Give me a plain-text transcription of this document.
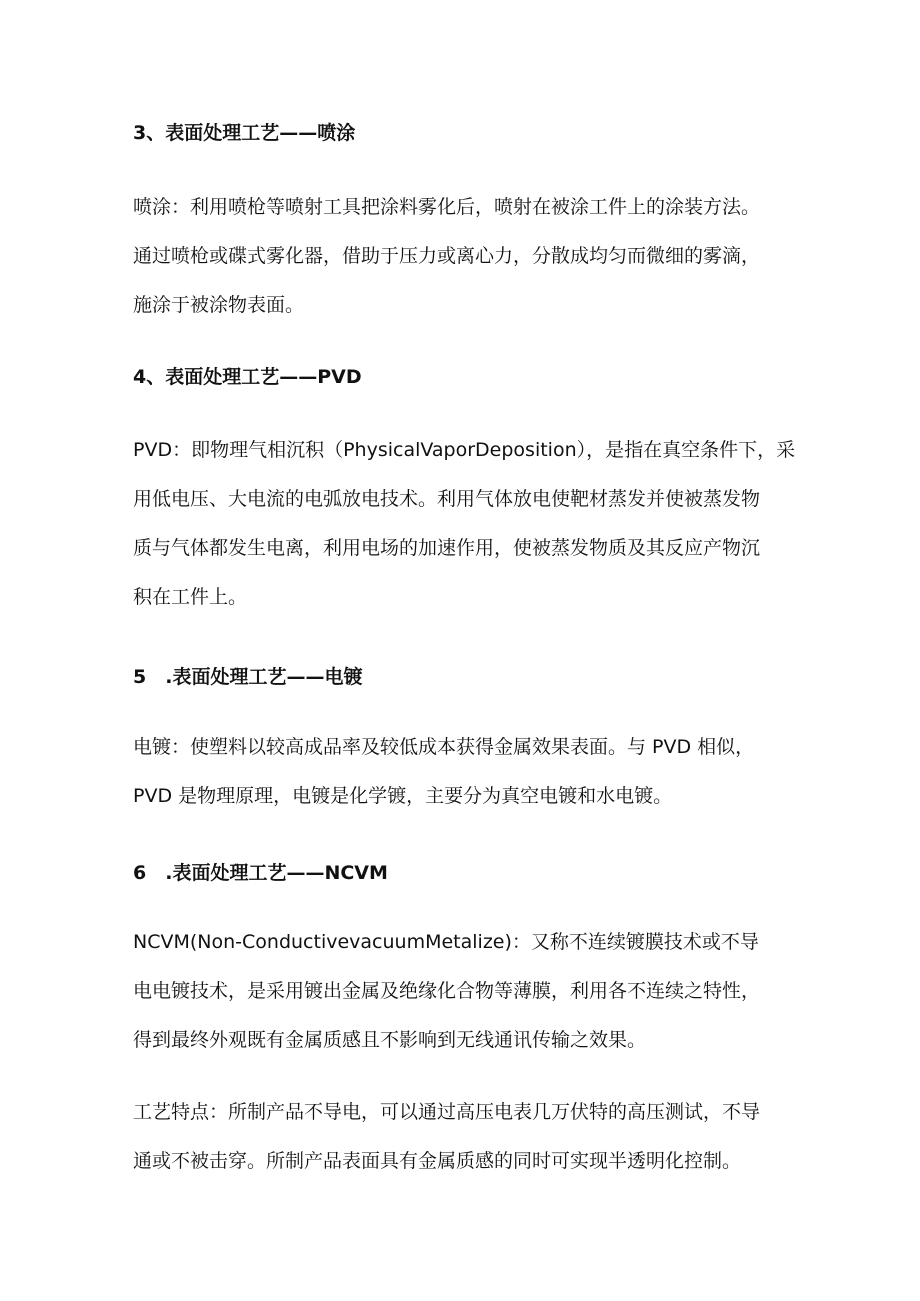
3、表面处理工艺——喷涂

喷涂：利用喷枪等喷射工具把涂料雾化后，喷射在被涂工件上的涂装方法。
通过喷枪或碟式雾化器，借助于压力或离心力，分散成均匀而微细的雾滴，
施涂于被涂物表面。

4、表面处理工艺——PVD

PVD：即物理气相沉积（PhysicalVaporDeposition），是指在真空条件下，采
用低电压、大电流的电弧放电技术。利用气体放电使靶材蒸发并使被蒸发物
质与气体都发生电离，利用电场的加速作用，使被蒸发物质及其反应产物沉
积在工件上。

5　.表面处理工艺——电镀

电镀：使塑料以较高成品率及较低成本获得金属效果表面。与 PVD 相似，
PVD 是物理原理，电镀是化学镀，主要分为真空电镀和水电镀。

6　.表面处理工艺——NCVM

NCVM(Non-ConductivevacuumMetalize)：又称不连续镀膜技术或不导
电电镀技术，是采用镀出金属及绝缘化合物等薄膜，利用各不连续之特性，
得到最终外观既有金属质感且不影响到无线通讯传输之效果。

工艺特点：所制产品不导电，可以通过高压电表几万伏特的高压测试，不导
通或不被击穿。所制产品表面具有金属质感的同时可实现半透明化控制。
